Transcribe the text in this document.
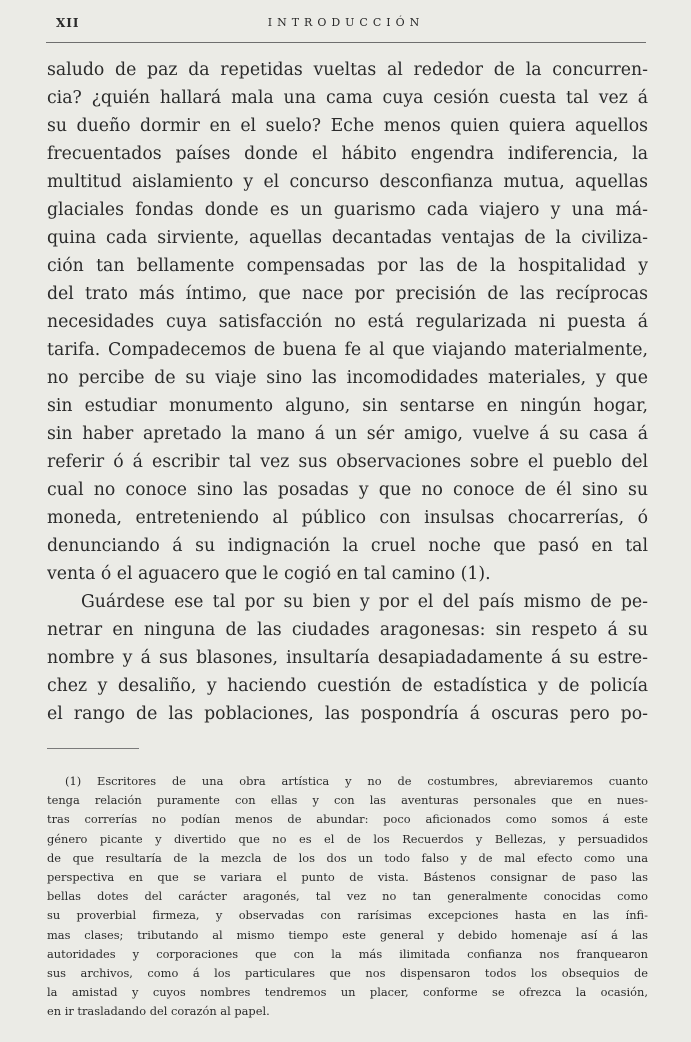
XII	INTRODUCCIÓN
saludo de paz da repetidas vueltas al rededor de la concurren-
cia? ¿quién hallará mala una cama cuya cesión cuesta tal vez á
su dueño dormir en el suelo? Eche menos quien quiera aquellos
frecuentados países donde el hábito engendra indiferencia, la
multitud aislamiento y el concurso desconfianza mutua, aquellas
glaciales fondas donde es un guarismo cada viajero y una má-
quina cada sirviente, aquellas decantadas ventajas de la civiliza-
ción tan bellamente compensadas por las de la hospitalidad y
del trato más íntimo, que nace por precisión de las recíprocas
necesidades cuya satisfacción no está regularizada ni puesta á
tarifa. Compadecemos de buena fe al que viajando materialmente,
no percibe de su viaje sino las incomodidades materiales, y que
sin estudiar monumento alguno, sin sentarse en ningún hogar,
sin haber apretado la mano á un sér amigo, vuelve á su casa á
referir ó á escribir tal vez sus observaciones sobre el pueblo del
cual no conoce sino las posadas y que no conoce de él sino su
moneda, entreteniendo al público con insulsas chocarrerías, ó
denunciando á su indignación la cruel noche que pasó en tal
venta ó el aguacero que le cogió en tal camino (1).
Guárdese ese tal por su bien y por el del país mismo de pe-
netrar en ninguna de las ciudades aragonesas: sin respeto á su
nombre y á sus blasones, insultaría desapiadadamente á su estre-
chez y desaliño, y haciendo cuestión de estadística y de policía
el rango de las poblaciones, las pospondría á oscuras pero po-
(1) Escritores de una obra artística y no de costumbres, abreviaremos cuanto
tenga relación puramente con ellas y con las aventuras personales que en nues-
tras correrías no podían menos de abundar: poco aficionados como somos á este
género picante y divertido que no es el de los Recuerdos y Bellezas, y persuadidos
de que resultaría de la mezcla de los dos un todo falso y de mal efecto como una
perspectiva en que se variara el punto de vista. Bástenos consignar de paso las
bellas dotes del carácter aragonés, tal vez no tan generalmente conocidas como
su proverbial firmeza, y observadas con rarísimas excepciones hasta en las ínfi-
mas clases; tributando al mismo tiempo este general y debido homenaje así á las
autoridades y corporaciones que con la más ilimitada confianza nos franquearon
sus archivos, como á los particulares que nos dispensaron todos los obsequios de
la amistad y cuyos nombres tendremos un placer, conforme se ofrezca la ocasión,
en ir trasladando del corazón al papel.
